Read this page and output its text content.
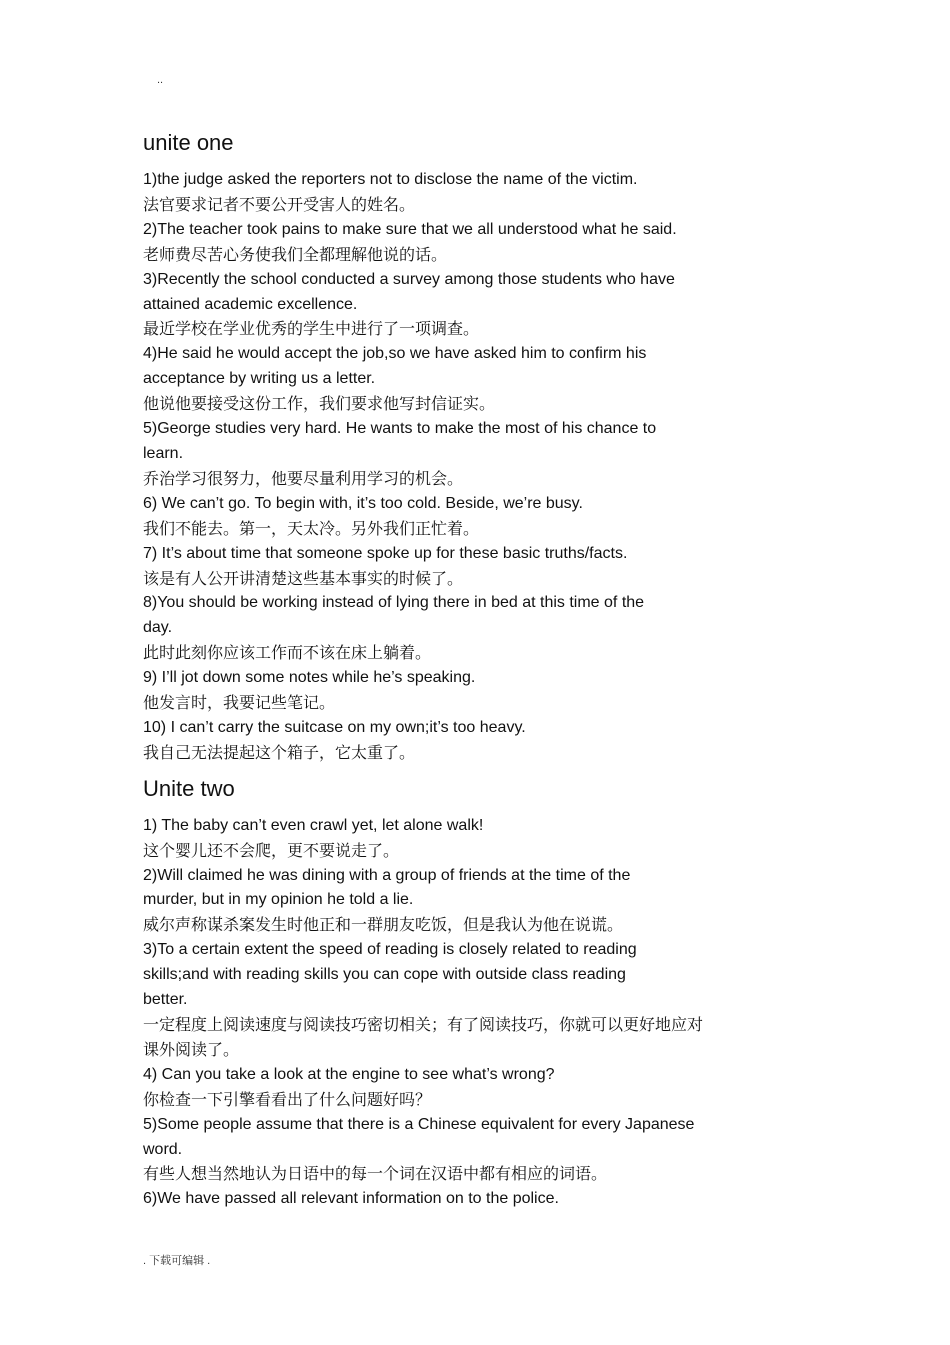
..
unite one
1)the judge asked the reporters not to disclose the name of the victim.
法官要求记者不要公开受害人的姓名。
2)The teacher took pains to make sure that we all understood what he said.
老师费尽苦心务使我们全都理解他说的话。
3)Recently the school conducted a survey among those students who have
attained academic excellence.
最近学校在学业优秀的学生中进行了一项调查。
4)He said he would accept the job,so we have asked him to confirm his
acceptance by writing us a letter.
他说他要接受这份工作，我们要求他写封信证实。
5)George studies very hard. He wants to make the most of his chance to
learn.
乔治学习很努力，他要尽量利用学习的机会。
6) We can’t go. To begin with, it’s too cold. Beside, we’re busy.
我们不能去。第一，天太冷。另外我们正忙着。
7) It’s about time that someone spoke up for these basic truths/facts.
该是有人公开讲清楚这些基本事实的时候了。
8)You should be working instead of lying there in bed at this time of the
day.
此时此刻你应该工作而不该在床上躺着。
9) I’ll jot down some notes while he’s speaking.
他发言时，我要记些笔记。
10) I can’t carry the suitcase on my own;it’s too heavy.
我自己无法提起这个箱子，它太重了。
Unite two
1) The baby can’t even crawl yet, let alone walk!
这个婴儿还不会爬，更不要说走了。
2)Will claimed he was dining with a group of friends at the time of the
murder, but in my opinion he told a lie.
威尔声称谋杀案发生时他正和一群朋友吃饭，但是我认为他在说谎。
3)To a certain extent the speed of reading is closely related to reading
skills;and with reading skills you can cope with outside class reading
better.
一定程度上阅读速度与阅读技巧密切相关；有了阅读技巧，你就可以更好地应对
课外阅读了。
4) Can you take a look at the engine to see what’s wrong?
你检查一下引擎看看出了什么问题好吗？
5)Some people assume that there is a Chinese equivalent for every Japanese
word.
有些人想当然地认为日语中的每一个词在汉语中都有相应的词语。
6)We have passed all relevant information on to the police.
. 下载可编辑 .
